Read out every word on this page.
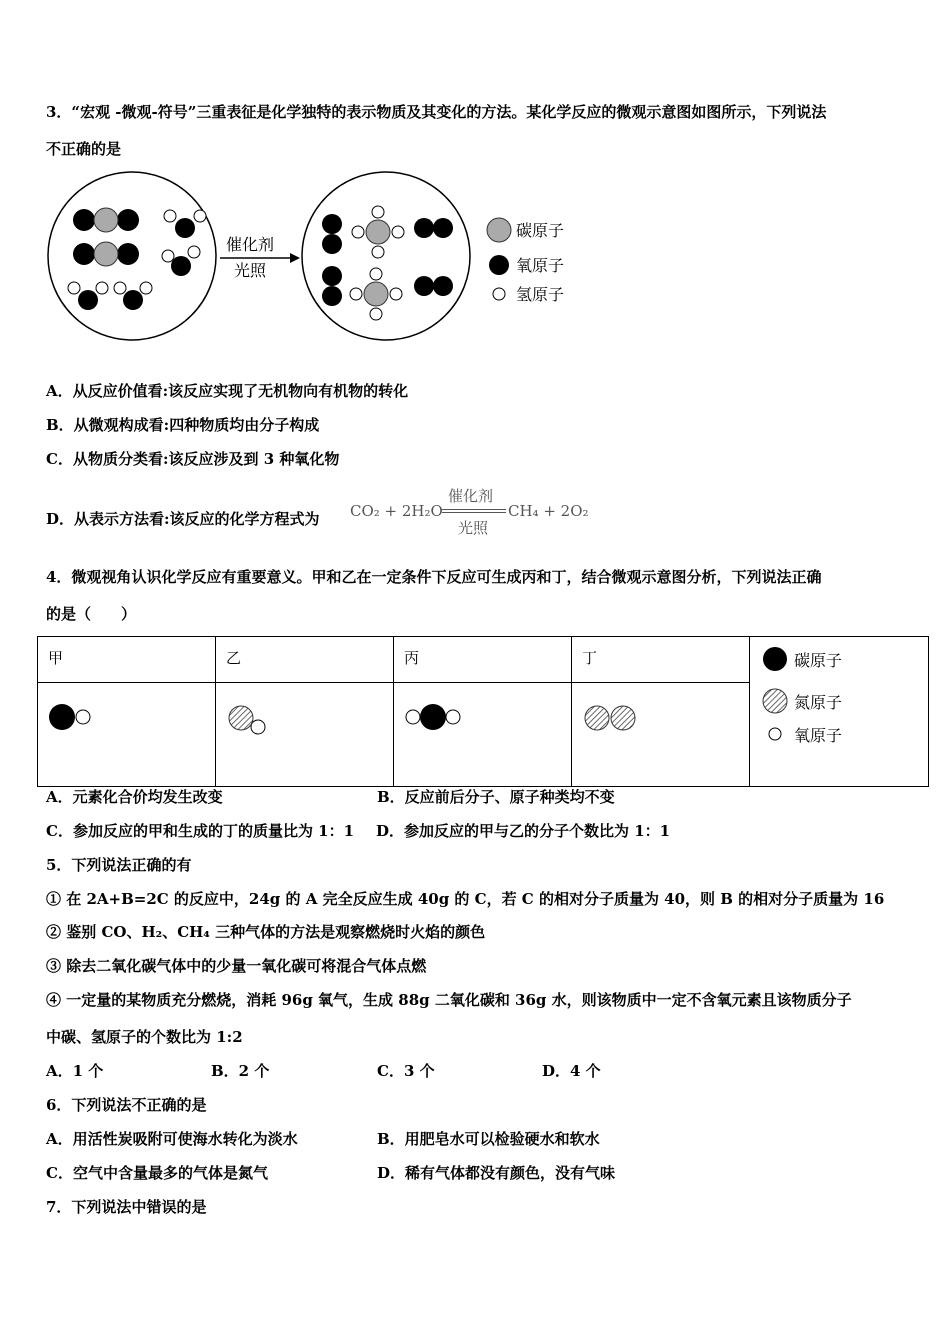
3．“宏观 -微观-符号”三重表征是化学独特的表示物质及其变化的方法。某化学反应的微观示意图如图所示，下列说法
不正确的是
催化剂
光照
碳原子
氧原子
氢原子
A．从反应价值看:该反应实现了无机物向有机物的转化
B．从微观构成看:四种物质均由分子构成
C．从物质分类看:该反应涉及到 3 种氧化物
D．从表示方法看:该反应的化学方程式为 CO₂ + 2H₂O
催化剂
光照
CH₄ + 2O₂
4．微观视角认识化学反应有重要意义。甲和乙在一定条件下反应可生成丙和丁，结合微观示意图分析，下列说法正确
的是（　　）
甲	乙	丙	丁	碳原子
氮原子
氧原子

A．元素化合价均发生改变	B．反应前后分子、原子种类均不变
C．参加反应的甲和生成的丁的质量比为 1：1 D．参加反应的甲与乙的分子个数比为 1：1
5．下列说法正确的有
① 在 2A+B=2C 的反应中，24g 的 A 完全反应生成 40g 的 C，若 C 的相对分子质量为 40，则 B 的相对分子质量为 16
② 鉴别 CO、H₂、CH₄ 三种气体的方法是观察燃烧时火焰的颜色
③ 除去二氧化碳气体中的少量一氧化碳可将混合气体点燃
④ 一定量的某物质充分燃烧，消耗 96g 氧气，生成 88g 二氧化碳和 36g 水，则该物质中一定不含氧元素且该物质分子
中碳、氢原子的个数比为 1:2
A．1 个	B．2 个	C．3 个	D．4 个
6．下列说法不正确的是
A．用活性炭吸附可使海水转化为淡水	B．用肥皂水可以检验硬水和软水
C．空气中含量最多的气体是氮气	D．稀有气体都没有颜色，没有气味
7．下列说法中错误的是
